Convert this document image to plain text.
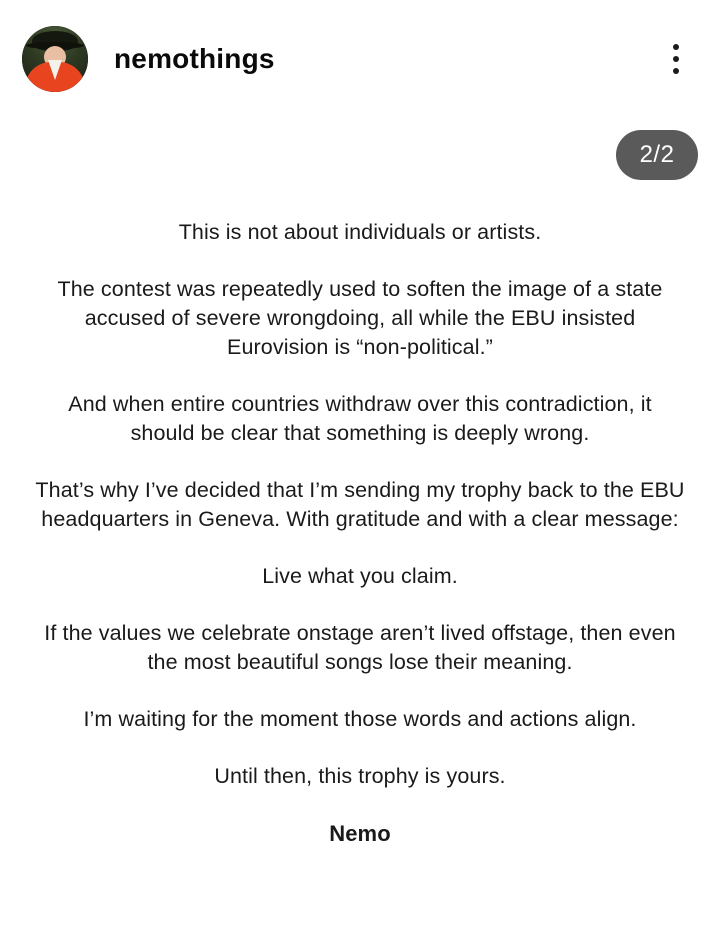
nemothings
2/2

This is not about individuals or artists.

The contest was repeatedly used to soften the image of a state accused of severe wrongdoing, all while the EBU insisted Eurovision is “non-political.”

And when entire countries withdraw over this contradiction, it should be clear that something is deeply wrong.

That’s why I’ve decided that I’m sending my trophy back to the EBU headquarters in Geneva. With gratitude and with a clear message:

Live what you claim.

If the values we celebrate onstage aren’t lived offstage, then even the most beautiful songs lose their meaning.

I’m waiting for the moment those words and actions align.

Until then, this trophy is yours.

Nemo
